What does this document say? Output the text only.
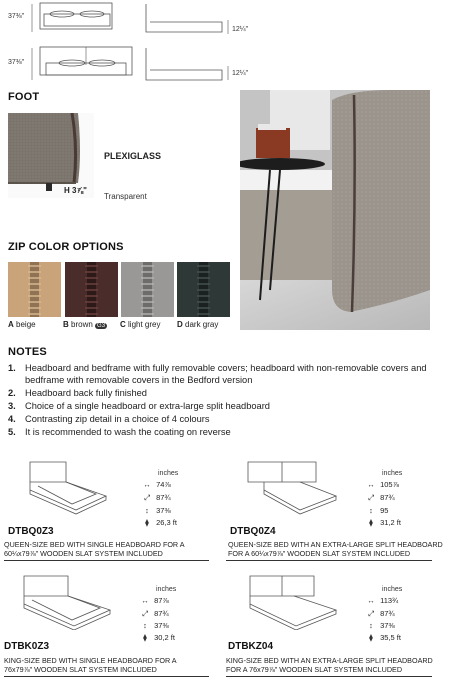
37⅜"
12¼"
37⅜"
12¼"
FOOT
H 3⅞"
PLEXIGLASS
Transparent
ZIP COLOR OPTIONS
A beige	B brown G3 C light grey D dark gray
NOTES
1. Headboard and bedframe with fully removable covers; headboard with non-removable covers and bedframe with removable covers in the Bedford version
2. Headboard back fully finished
3. Choice of a single headboard or extra-large split headboard
4. Contrasting zip detail in a choice of 4 colours
5. It is recommended to wash the coating on reverse
inches
↔ 74⅞
⤢ 87¾
↕ 37⅜
⧫ 26,3 ft
DTBQ0Z3
QUEEN-SIZE BED WITH SINGLE HEADBOARD FOR A
60¼x79⅞" WOODEN SLAT SYSTEM INCLUDED
inches
↔ 105⅞
⤢ 87¾
↕ 95
⧫ 31,2 ft
DTBQ0Z4
QUEEN-SIZE BED WITH AN EXTRA-LARGE SPLIT HEADBOARD
FOR A 60¼x79⅞" WOODEN SLAT SYSTEM INCLUDED
inches
↔ 87⅞
⤢ 87¾
↕ 37⅜
⧫ 30,2 ft
DTBK0Z3
KING-SIZE BED WITH SINGLE HEADBOARD FOR A
76x79⅞" WOODEN SLAT SYSTEM INCLUDED
inches
↔ 113¾
⤢ 87¾
↕ 37⅜
⧫ 35,5 ft
DTBKZ04
KING-SIZE BED WITH AN EXTRA-LARGE SPLIT HEADBOARD
FOR A 76x79⅞" WOODEN SLAT SYSTEM INCLUDED
